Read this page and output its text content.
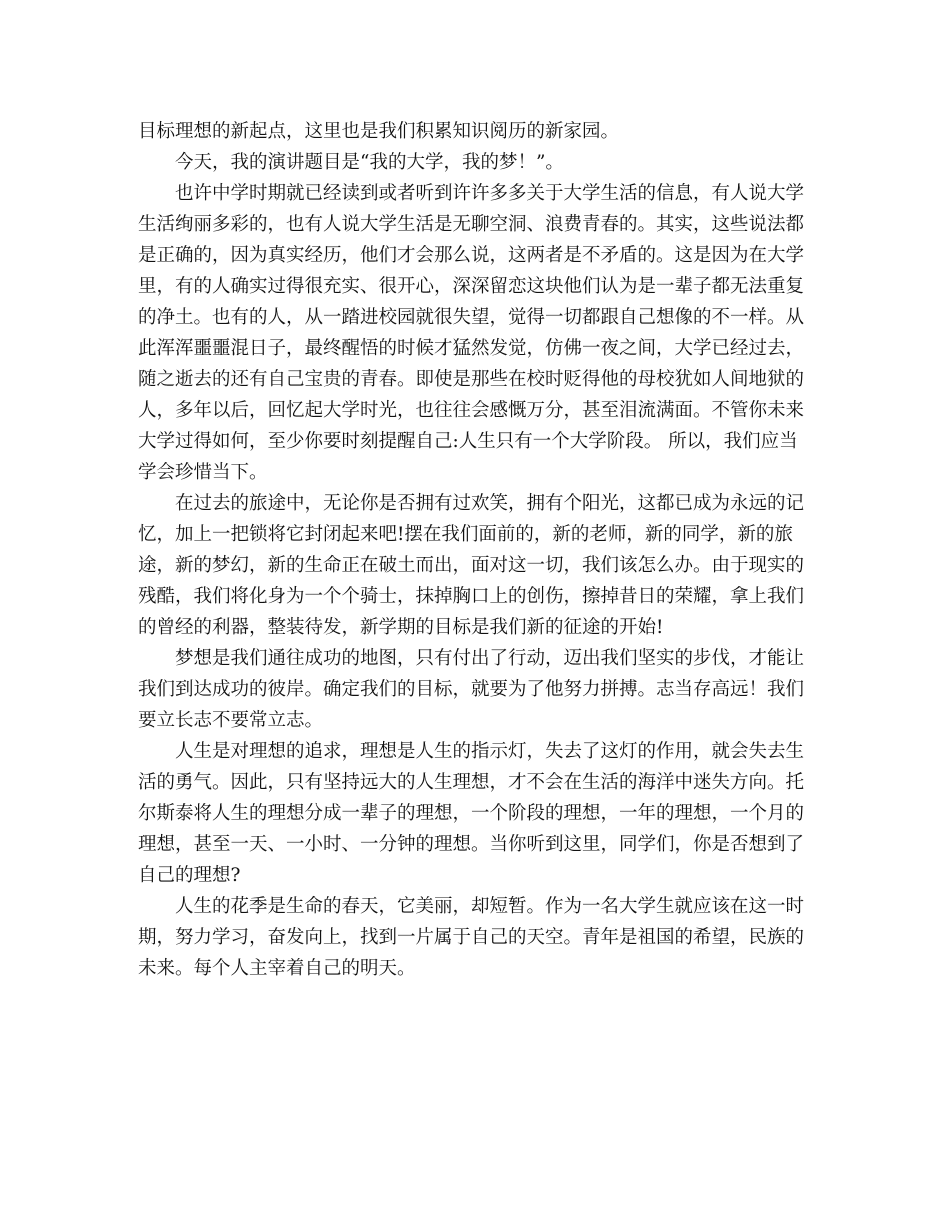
目标理想的新起点，这里也是我们积累知识阅历的新家园。
今天，我的演讲题目是“我的大学，我的梦！”。
也许中学时期就已经读到或者听到许许多多关于大学生活的信息，有人说大学
生活绚丽多彩的，也有人说大学生活是无聊空洞、浪费青春的。其实，这些说法都
是正确的，因为真实经历，他们才会那么说，这两者是不矛盾的。这是因为在大学
里，有的人确实过得很充实、很开心，深深留恋这块他们认为是一辈子都无法重复
的净土。也有的人，从一踏进校园就很失望，觉得一切都跟自己想像的不一样。从
此浑浑噩噩混日子，最终醒悟的时候才猛然发觉，仿佛一夜之间，大学已经过去，
随之逝去的还有自己宝贵的青春。即使是那些在校时贬得他的母校犹如人间地狱的
人，多年以后，回忆起大学时光，也往往会感慨万分，甚至泪流满面。不管你未来
大学过得如何，至少你要时刻提醒自己:人生只有一个大学阶段。 所以，我们应当
学会珍惜当下。
在过去的旅途中，无论你是否拥有过欢笑，拥有个阳光，这都已成为永远的记
忆，加上一把锁将它封闭起来吧!摆在我们面前的，新的老师，新的同学，新的旅
途，新的梦幻，新的生命正在破土而出，面对这一切，我们该怎么办。由于现实的
残酷，我们将化身为一个个骑士，抹掉胸口上的创伤，擦掉昔日的荣耀，拿上我们
的曾经的利器，整装待发，新学期的目标是我们新的征途的开始!
梦想是我们通往成功的地图，只有付出了行动，迈出我们坚实的步伐，才能让
我们到达成功的彼岸。确定我们的目标，就要为了他努力拼搏。志当存高远！我们
要立长志不要常立志。
人生是对理想的追求，理想是人生的指示灯，失去了这灯的作用，就会失去生
活的勇气。因此，只有坚持远大的人生理想，才不会在生活的海洋中迷失方向。托
尔斯泰将人生的理想分成一辈子的理想，一个阶段的理想，一年的理想，一个月的
理想，甚至一天、一小时、一分钟的理想。当你听到这里，同学们，你是否想到了
自己的理想?
人生的花季是生命的春天，它美丽，却短暂。作为一名大学生就应该在这一时
期，努力学习，奋发向上，找到一片属于自己的天空。青年是祖国的希望，民族的
未来。每个人主宰着自己的明天。
